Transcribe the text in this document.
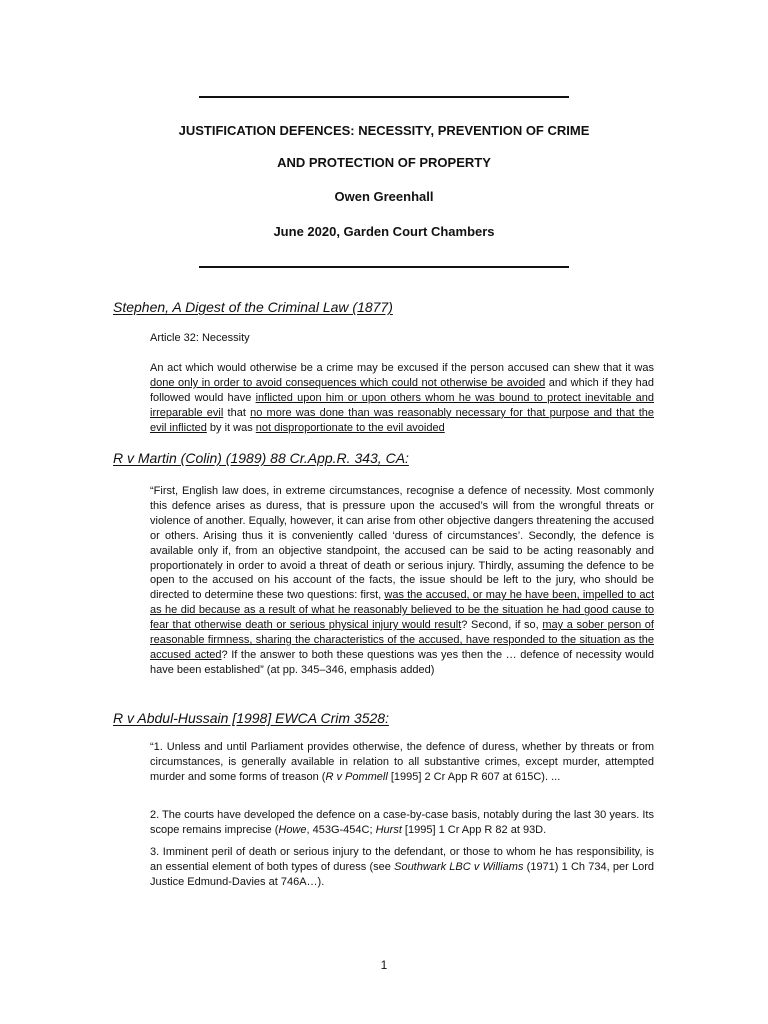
JUSTIFICATION DEFENCES: NECESSITY, PREVENTION OF CRIME
AND PROTECTION OF PROPERTY
Owen Greenhall
June 2020, Garden Court Chambers
Stephen, A Digest of the Criminal Law (1877)
Article 32: Necessity
An act which would otherwise be a crime may be excused if the person accused can shew that it was done only in order to avoid consequences which could not otherwise be avoided and which if they had followed would have inflicted upon him or upon others whom he was bound to protect inevitable and irreparable evil that no more was done than was reasonably necessary for that purpose and that the evil inflicted by it was not disproportionate to the evil avoided
R v Martin (Colin) (1989) 88 Cr.App.R. 343, CA:
“First, English law does, in extreme circumstances, recognise a defence of necessity. Most commonly this defence arises as duress, that is pressure upon the accused’s will from the wrongful threats or violence of another. Equally, however, it can arise from other objective dangers threatening the accused or others. Arising thus it is conveniently called ‘duress of circumstances’. Secondly, the defence is available only if, from an objective standpoint, the accused can be said to be acting reasonably and proportionately in order to avoid a threat of death or serious injury. Thirdly, assuming the defence to be open to the accused on his account of the facts, the issue should be left to the jury, who should be directed to determine these two questions: first, was the accused, or may he have been, impelled to act as he did because as a result of what he reasonably believed to be the situation he had good cause to fear that otherwise death or serious physical injury would result? Second, if so, may a sober person of reasonable firmness, sharing the characteristics of the accused, have responded to the situation as the accused acted? If the answer to both these questions was yes then the … defence of necessity would have been established” (at pp. 345–346, emphasis added)
R v Abdul-Hussain [1998] EWCA Crim 3528:
“1. Unless and until Parliament provides otherwise, the defence of duress, whether by threats or from circumstances, is generally available in relation to all substantive crimes, except murder, attempted murder and some forms of treason (R v Pommell [1995] 2 Cr App R 607 at 615C). ...
2. The courts have developed the defence on a case-by-case basis, notably during the last 30 years. Its scope remains imprecise (Howe, 453G-454C; Hurst [1995] 1 Cr App R 82 at 93D.
3. Imminent peril of death or serious injury to the defendant, or those to whom he has responsibility, is an essential element of both types of duress (see Southwark LBC v Williams (1971) 1 Ch 734, per Lord Justice Edmund-Davies at 746A…).
1
